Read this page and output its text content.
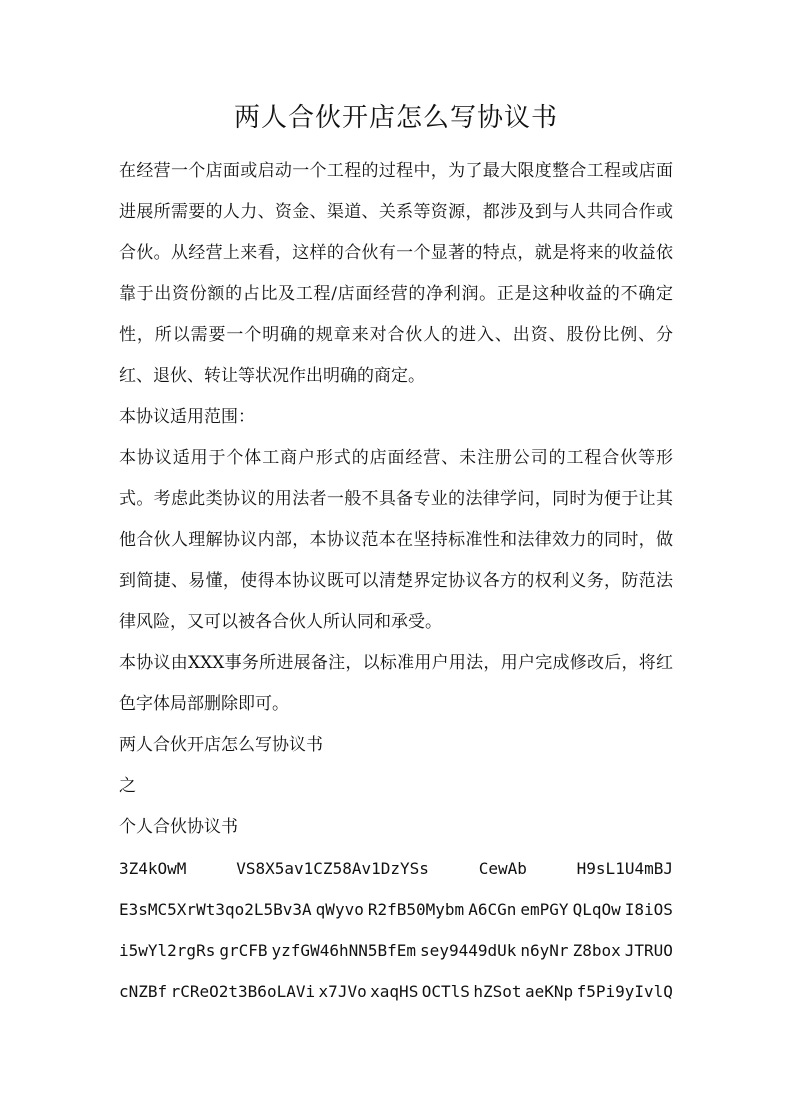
两人合伙开店怎么写协议书

在经营一个店面或启动一个工程的过程中，为了最大限度整合工程或店面进展所需要的人力、资金、渠道、关系等资源，都涉及到与人共同合作或合伙。从经营上来看，这样的合伙有一个显著的特点，就是将来的收益依靠于出资份额的占比及工程/店面经营的净利润。正是这种收益的不确定性，所以需要一个明确的规章来对合伙人的进入、出资、股份比例、分红、退伙、转让等状况作出明确的商定。

本协议适用范围：

本协议适用于个体工商户形式的店面经营、未注册公司的工程合伙等形式。考虑此类协议的用法者一般不具备专业的法律学问，同时为便于让其他合伙人理解协议内部，本协议范本在坚持标准性和法律效力的同时，做到简捷、易懂，使得本协议既可以清楚界定协议各方的权利义务，防范法律风险，又可以被各合伙人所认同和承受。

本协议由XXX事务所进展备注，以标准用户用法，用户完成修改后，将红色字体局部删除即可。

两人合伙开店怎么写协议书

之

个人合伙协议书

3Z4kOwM	VS8X5av1CZ58Av1DzYSs	CewAb	H9sL1U4mBJ
E3sMC5XrWt3qo2L5Bv3A qWyvo R2fB50Mybm A6CGn emPGY QLqOw I8iOS
i5wYl2rgRs grCFB yzfGW46hNN5BfEm sey9449dUk n6yNr Z8box JTRUO
cNZBf rCReO2t3B6oLAVi x7JVo xaqHS OCTlS hZSot aeKNp f5Pi9yIvlQ
